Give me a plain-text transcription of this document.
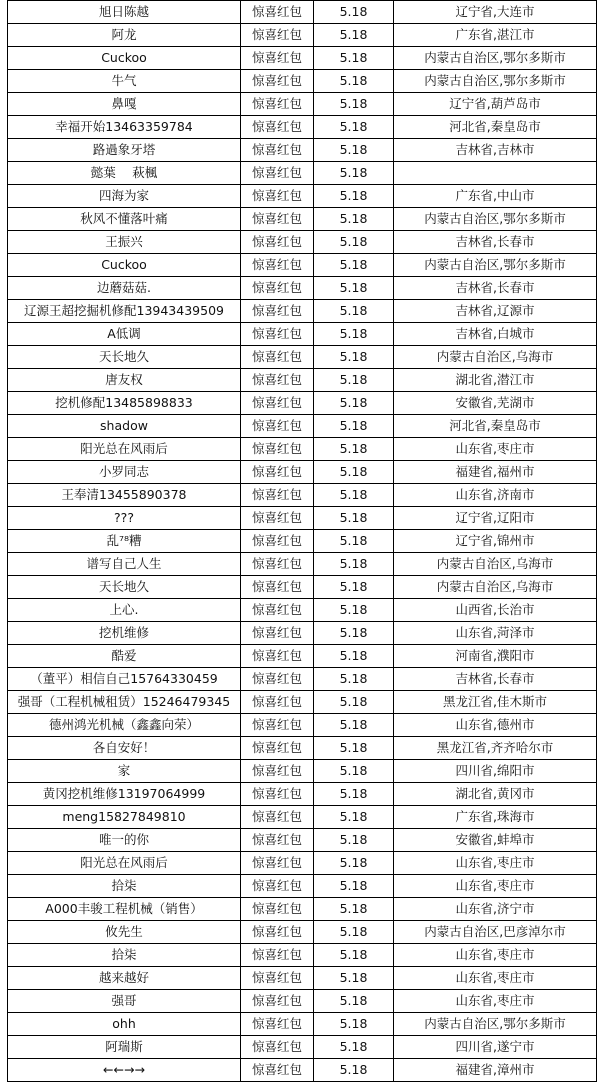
旭日陈越	惊喜红包	5.18	辽宁省,大连市
阿龙	惊喜红包	5.18	广东省,湛江市
Cuckoo	惊喜红包	5.18	内蒙古自治区,鄂尔多斯市
牛气	惊喜红包	5.18	内蒙古自治区,鄂尔多斯市
鼻嘎	惊喜红包	5.18	辽宁省,葫芦岛市
幸福开始13463359784	惊喜红包	5.18	河北省,秦皇岛市
路過象牙塔	惊喜红包	5.18	吉林省,吉林市
懿葉　 萩楓	惊喜红包	5.18	
四海为家	惊喜红包	5.18	广东省,中山市
秋风不懂落叶痛	惊喜红包	5.18	内蒙古自治区,鄂尔多斯市
王振兴	惊喜红包	5.18	吉林省,长春市
Cuckoo	惊喜红包	5.18	内蒙古自治区,鄂尔多斯市
边蘑菇菇.	惊喜红包	5.18	吉林省,长春市
辽源王超挖掘机修配13943439509	惊喜红包	5.18	吉林省,辽源市
A低调	惊喜红包	5.18	吉林省,白城市
天长地久	惊喜红包	5.18	内蒙古自治区,乌海市
唐友权	惊喜红包	5.18	湖北省,潜江市
挖机修配13485898833	惊喜红包	5.18	安徽省,芜湖市
shadow	惊喜红包	5.18	河北省,秦皇岛市
阳光总在风雨后	惊喜红包	5.18	山东省,枣庄市
小罗同志	惊喜红包	5.18	福建省,福州市
王奉清13455890378	惊喜红包	5.18	山东省,济南市
???	惊喜红包	5.18	辽宁省,辽阳市
乱⁷⁸糟	惊喜红包	5.18	辽宁省,锦州市
谱写自己人生	惊喜红包	5.18	内蒙古自治区,乌海市
天长地久	惊喜红包	5.18	内蒙古自治区,乌海市
上心.	惊喜红包	5.18	山西省,长治市
挖机维修	惊喜红包	5.18	山东省,菏泽市
酷爱	惊喜红包	5.18	河南省,濮阳市
（董平）相信自己15764330459	惊喜红包	5.18	吉林省,长春市
强哥（工程机械租赁）15246479345	惊喜红包	5.18	黑龙江省,佳木斯市
德州鸿光机械（鑫鑫向荣）	惊喜红包	5.18	山东省,德州市
各自安好！	惊喜红包	5.18	黑龙江省,齐齐哈尔市
家	惊喜红包	5.18	四川省,绵阳市
黄冈挖机维修13197064999	惊喜红包	5.18	湖北省,黄冈市
meng15827849810	惊喜红包	5.18	广东省,珠海市
唯一的你	惊喜红包	5.18	安徽省,蚌埠市
阳光总在风雨后	惊喜红包	5.18	山东省,枣庄市
拾柒	惊喜红包	5.18	山东省,枣庄市
A000丰骏工程机械（销售）	惊喜红包	5.18	山东省,济宁市
攸先生	惊喜红包	5.18	内蒙古自治区,巴彦淖尔市
拾柒	惊喜红包	5.18	山东省,枣庄市
越来越好	惊喜红包	5.18	山东省,枣庄市
强哥	惊喜红包	5.18	山东省,枣庄市
ohh	惊喜红包	5.18	内蒙古自治区,鄂尔多斯市
阿瑞斯	惊喜红包	5.18	四川省,遂宁市
←←→→	惊喜红包	5.18	福建省,漳州市
